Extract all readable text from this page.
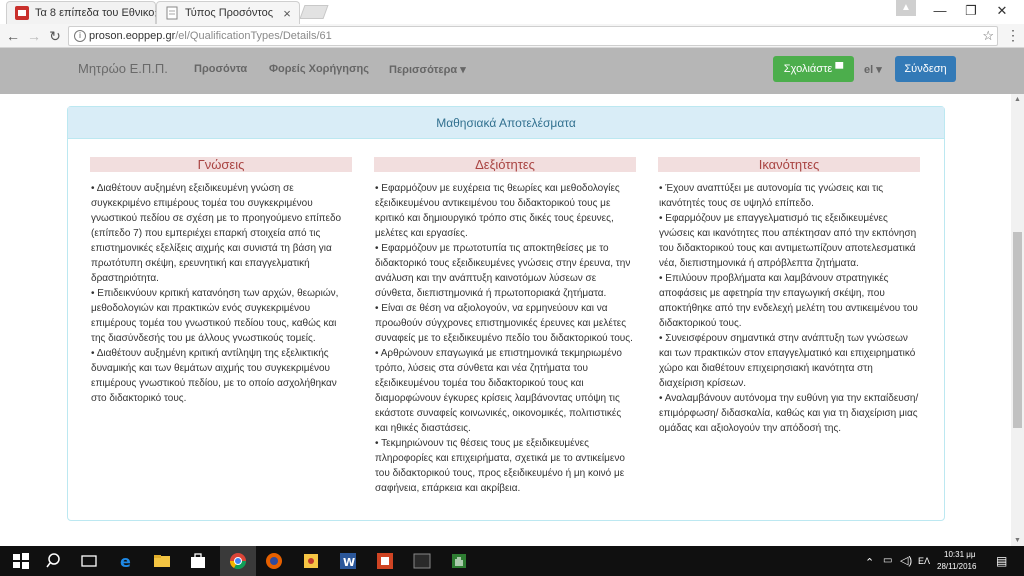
Τα 8 επίπεδα του Εθνικο	Τύπος Προσόντος ×	▲	—	❐	✕
← → ↻	i proson.eoppep.gr/el/QualificationTypes/Details/61	☆ ⋮
Μητρώο Ε.Π.Π. Προσόντα Φορείς Χορήγησης Περισσότερα ▾	Σχολιάστε ▀	el ▾	Σύνδεση
Μαθησιακά Αποτελέσματα
Γνώσεις

• Διαθέτουν αυξημένη εξειδικευμένη γνώση σε συγκεκριμένο επιμέρους τομέα του συγκεκριμένου γνωστικού πεδίου σε σχέση με το προηγούμενο επίπεδο (επίπεδο 7) που εμπεριέχει επαρκή στοιχεία από τις επιστημονικές εξελίξεις αιχμής και συνιστά τη βάση για πρωτότυπη σκέψη, ερευνητική και επαγγελματική δραστηριότητα.

• Επιδεικνύουν κριτική κατανόηση των αρχών, θεωριών, μεθοδολογιών και πρακτικών ενός συγκεκριμένου επιμέρους τομέα του γνωστικού πεδίου τους, καθώς και της διασύνδεσής του με άλλους γνωστικούς τομείς.

• Διαθέτουν αυξημένη κριτική αντίληψη της εξελικτικής δυναμικής και των θεμάτων αιχμής του συγκεκριμένου επιμέρους γνωστικού πεδίου, με το οποίο ασχολήθηκαν στο διδακτορικό τους.

Δεξιότητες

• Εφαρμόζουν με ευχέρεια τις θεωρίες και μεθοδολογίες εξειδικευμένου αντικειμένου του διδακτορικού τους με κριτικό και δημιουργικό τρόπο στις δικές τους έρευνες, μελέτες και εργασίες.

• Εφαρμόζουν με πρωτοτυπία τις αποκτηθείσες με το διδακτορικό τους εξειδικευμένες γνώσεις στην έρευνα, την ανάλυση και την ανάπτυξη καινοτόμων λύσεων σε σύνθετα, διεπιστημονικά ή πρωτοποριακά ζητήματα.

• Είναι σε θέση να αξιολογούν, να ερμηνεύουν και να προωθούν σύγχρονες επιστημονικές έρευνες και μελέτες συναφείς με το εξειδικευμένο πεδίο του διδακτορικού τους.

• Αρθρώνουν επαγωγικά με επιστημονικά τεκμηριωμένο τρόπο, λύσεις στα σύνθετα και νέα ζητήματα του εξειδικευμένου τομέα του διδακτορικού τους και διαμορφώνουν έγκυρες κρίσεις λαμβάνοντας υπόψη τις εκάστοτε συναφείς κοινωνικές, οικονομικές, πολιτιστικές και ηθικές διαστάσεις.

• Τεκμηριώνουν τις θέσεις τους με εξειδικευμένες πληροφορίες και επιχειρήματα, σχετικά με το αντικείμενο του διδακτορικού τους, προς εξειδικευμένο ή μη κοινό με σαφήνεια, επάρκεια και ακρίβεια.

Ικανότητες

• Έχουν αναπτύξει με αυτονομία τις γνώσεις και τις ικανότητές τους σε υψηλό επίπεδο.

• Εφαρμόζουν με επαγγελματισμό τις εξειδικευμένες γνώσεις και ικανότητες που απέκτησαν από την εκπόνηση του διδακτορικού τους και αντιμετωπίζουν αποτελεσματικά νέα, διεπιστημονικά ή απρόβλεπτα ζητήματα.

• Επιλύουν προβλήματα και λαμβάνουν στρατηγικές αποφάσεις με αφετηρία την επαγωγική σκέψη, που αποκτήθηκε από την ενδελεχή μελέτη του αντικειμένου του διδακτορικού τους.

• Συνεισφέρουν σημαντικά στην ανάπτυξη των γνώσεων και των πρακτικών στον επαγγελματικό και επιχειρηματικό χώρο και διαθέτουν επιχειρησιακή ικανότητα στη διαχείριση κρίσεων.

• Αναλαμβάνουν αυτόνομα την ευθύνη για την εκπαίδευση/ επιμόρφωση/ διδασκαλία, καθώς και για τη διαχείριση μιας ομάδας και αξιολογούν την απόδοσή της.

▲
▼
e	W	⌃ ▭ ◁) ΕΛ
10:31 μμ
28/11/2016 ▤
